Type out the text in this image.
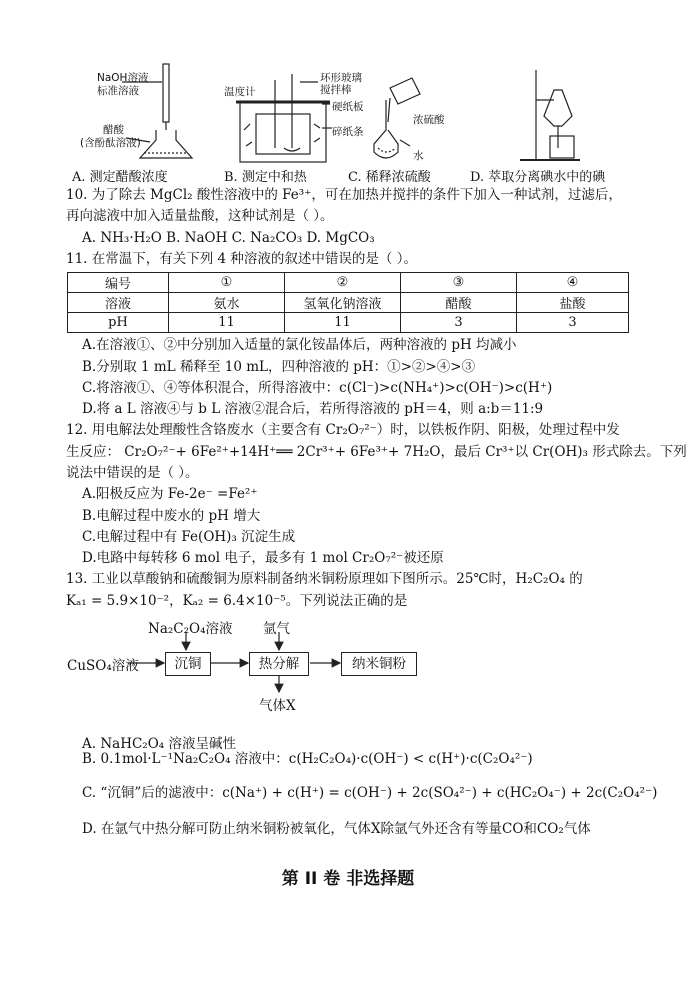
NaOH溶液
标准溶液
醋酸
(含酚酞溶液)
温度计
环形玻璃
搅拌棒
硬纸板
碎纸条
浓硫酸
水
A. 测定醋酸浓度	B. 测定中和热	C. 稀释浓硫酸	D. 萃取分离碘水中的碘
10. 为了除去 MgCl₂ 酸性溶液中的 Fe³⁺，可在加热并搅拌的条件下加入一种试剂，过滤后，
再向滤液中加入适量盐酸，这种试剂是（ ）。
A. NH₃·H₂O B. NaOH C. Na₂CO₃ D. MgCO₃
11. 在常温下，有关下列 4 种溶液的叙述中错误的是（ ）。
编号	①	②	③	④
溶液	氨水	氢氧化钠溶液	醋酸	盐酸
pH	11	11	3	3
A.在溶液①、②中分别加入适量的氯化铵晶体后，两种溶液的 pH 均减小
B.分别取 1 mL 稀释至 10 mL，四种溶液的 pH：①>②>④>③
C.将溶液①、④等体积混合，所得溶液中：c(Cl⁻)>c(NH₄⁺)>c(OH⁻)>c(H⁺)
D.将 a L 溶液④与 b L 溶液②混合后，若所得溶液的 pH＝4，则 a:b＝11:9
12. 用电解法处理酸性含铬废水（主要含有 Cr₂O₇²⁻）时，以铁板作阴、阳极，处理过程中发
生反应： Cr₂O₇²⁻+ 6Fe²⁺+14H⁺══ 2Cr³⁺+ 6Fe³⁺+ 7H₂O，最后 Cr³⁺以 Cr(OH)₃ 形式除去。下列
说法中错误的是（ ）。
A.阳极反应为 Fe-2e⁻ =Fe²⁺
B.电解过程中废水的 pH 增大
C.电解过程中有 Fe(OH)₃ 沉淀生成
D.电路中每转移 6 mol 电子，最多有 1 mol Cr₂O₇²⁻被还原
13. 工业以草酸钠和硫酸铜为原料制备纳米铜粉原理如下图所示。25℃时，H₂C₂O₄ 的
Kₐ₁ = 5.9×10⁻²，Kₐ₂ = 6.4×10⁻⁵。下列说法正确的是
Na₂C₂O₄溶液 氩气
CuSO₄溶液	沉铜	热分解	纳米铜粉
气体X
A. NaHC₂O₄ 溶液呈碱性
B. 0.1mol·L⁻¹Na₂C₂O₄ 溶液中：c(H₂C₂O₄)·c(OH⁻) < c(H⁺)·c(C₂O₄²⁻)
C. “沉铜”后的滤液中：c(Na⁺) + c(H⁺) = c(OH⁻) + 2c(SO₄²⁻) + c(HC₂O₄⁻) + 2c(C₂O₄²⁻)
D. 在氩气中热分解可防止纳米铜粉被氧化，气体X除氩气外还含有等量CO和CO₂气体
第 II 卷 非选择题
